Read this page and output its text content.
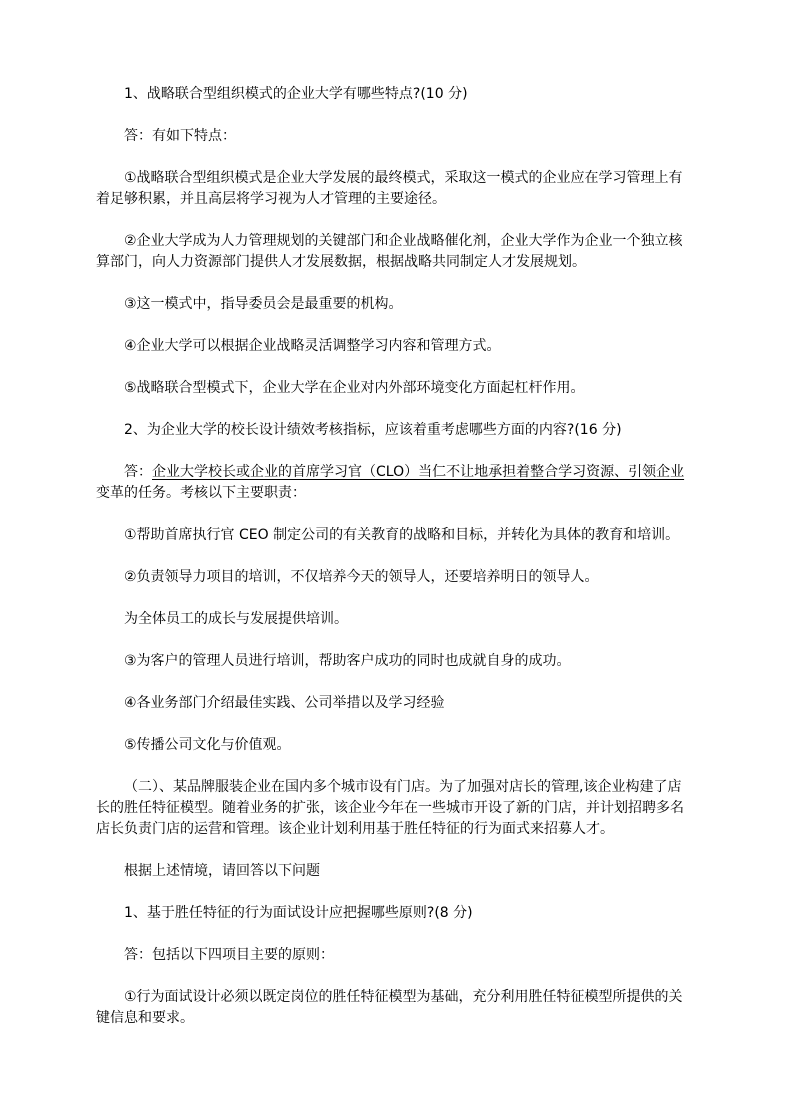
1、战略联合型组织模式的企业大学有哪些特点?(10 分)

答：有如下特点：

①战略联合型组织模式是企业大学发展的最终模式，采取这一模式的企业应在学习管理上有着足够积累，并且高层将学习视为人才管理的主要途径。

②企业大学成为人力管理规划的关键部门和企业战略催化剂，企业大学作为企业一个独立核算部门，向人力资源部门提供人才发展数据，根据战略共同制定人才发展规划。

③这一模式中，指导委员会是最重要的机构。

④企业大学可以根据企业战略灵活调整学习内容和管理方式。

⑤战略联合型模式下，企业大学在企业对内外部环境变化方面起杠杆作用。

2、为企业大学的校长设计绩效考核指标，应该着重考虑哪些方面的内容?(16 分)

答：企业大学校长或企业的首席学习官（CLO）当仁不让地承担着整合学习资源、引领企业变革的任务。考核以下主要职责：

①帮助首席执行官 CEO 制定公司的有关教育的战略和目标，并转化为具体的教育和培训。

②负责领导力项目的培训，不仅培养今天的领导人，还要培养明日的领导人。

为全体员工的成长与发展提供培训。

③为客户的管理人员进行培训，帮助客户成功的同时也成就自身的成功。

④各业务部门介绍最佳实践、公司举措以及学习经验

⑤传播公司文化与价值观。

（二）、某品牌服装企业在国内多个城市设有门店。为了加强对店长的管理,该企业构建了店长的胜任特征模型。随着业务的扩张，该企业今年在一些城市开设了新的门店，并计划招聘多名店长负责门店的运营和管理。该企业计划利用基于胜任特征的行为面式来招募人才。

根据上述情境，请回答以下问题

1、基于胜任特征的行为面试设计应把握哪些原则?(8 分)

答：包括以下四项目主要的原则：

①行为面试设计必须以既定岗位的胜任特征模型为基础，充分利用胜任特征模型所提供的关键信息和要求。
